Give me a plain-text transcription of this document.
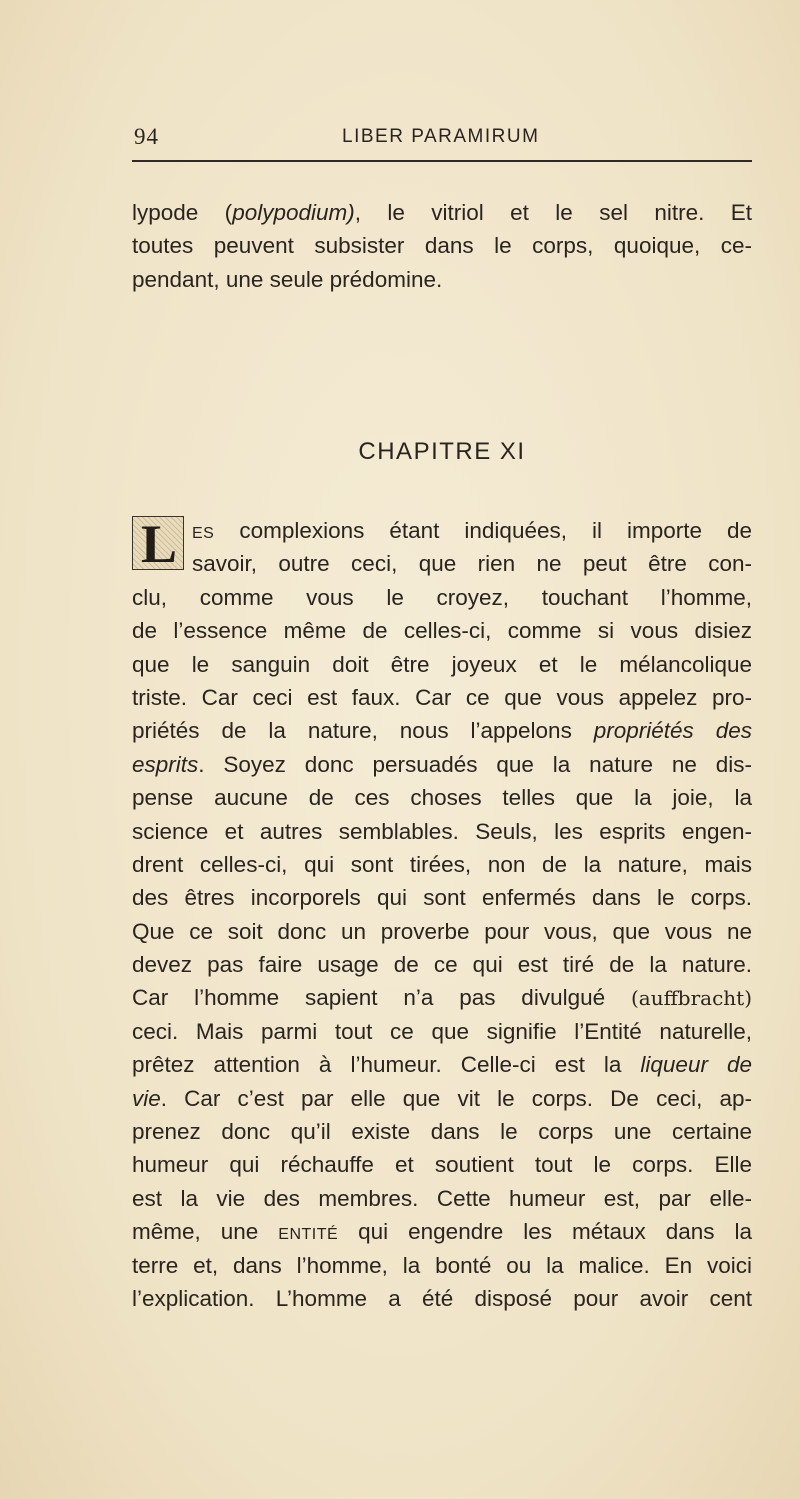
94	LIBER PARAMIRUM
lypode (polypodium), le vitriol et le sel nitre. Et
toutes peuvent subsister dans le corps, quoique, ce-
pendant, une seule prédomine.
CHAPITRE XI
L es complexions étant indiquées, il importe de
savoir, outre ceci, que rien ne peut être con-
clu, comme vous le croyez, touchant l’homme,
de l’essence même de celles-ci, comme si vous disiez
que le sanguin doit être joyeux et le mélancolique
triste. Car ceci est faux. Car ce que vous appelez pro-
priétés de la nature, nous l’appelons propriétés des
esprits. Soyez donc persuadés que la nature ne dis-
pense aucune de ces choses telles que la joie, la
science et autres semblables. Seuls, les esprits engen-
drent celles-ci, qui sont tirées, non de la nature, mais
des êtres incorporels qui sont enfermés dans le corps.
Que ce soit donc un proverbe pour vous, que vous ne
devez pas faire usage de ce qui est tiré de la nature.
Car l’homme sapient n’a pas divulgué (auffbracht)
ceci. Mais parmi tout ce que signifie l’Entité naturelle,
prêtez attention à l’humeur. Celle-ci est la liqueur de
vie. Car c’est par elle que vit le corps. De ceci, ap-
prenez donc qu’il existe dans le corps une certaine
humeur qui réchauffe et soutient tout le corps. Elle
est la vie des membres. Cette humeur est, par elle-
même, une entité qui engendre les métaux dans la
terre et, dans l’homme, la bonté ou la malice. En voici
l’explication. L’homme a été disposé pour avoir cent
